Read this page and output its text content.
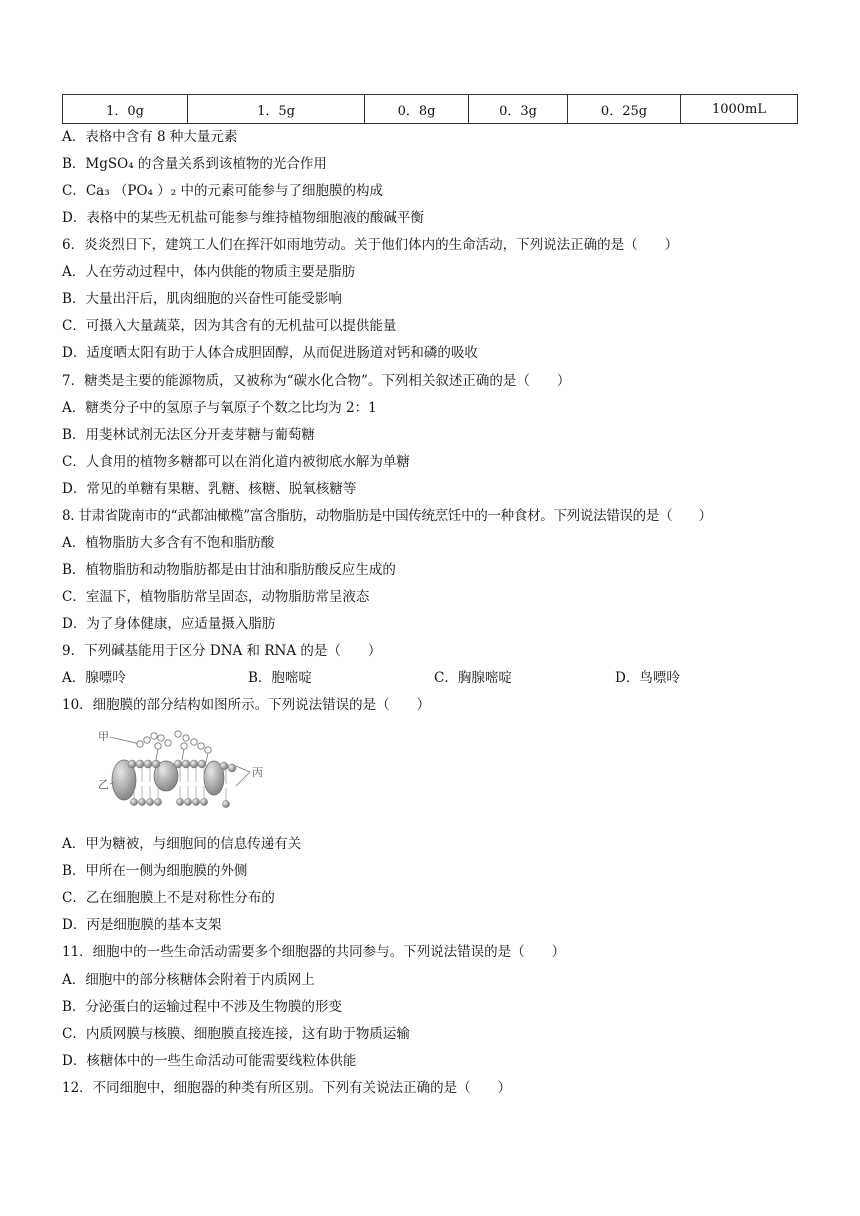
1．0g	1．5g	0．8g	0．3g	0．25g	1000mL
A．表格中含有 8 种大量元素
B．MgSO₄ 的含量关系到该植物的光合作用
C．Ca₃ （PO₄ ）₂ 中的元素可能参与了细胞膜的构成
D．表格中的某些无机盐可能参与维持植物细胞液的酸碱平衡
6．炎炎烈日下，建筑工人们在挥汗如雨地劳动。关于他们体内的生命活动，下列说法正确的是（　　）
A．人在劳动过程中，体内供能的物质主要是脂肪
B．大量出汗后，肌肉细胞的兴奋性可能受影响
C．可摄入大量蔬菜，因为其含有的无机盐可以提供能量
D．适度晒太阳有助于人体合成胆固醇，从而促进肠道对钙和磷的吸收
7．糖类是主要的能源物质，又被称为“碳水化合物”。下列相关叙述正确的是（　　）
A．糖类分子中的氢原子与氧原子个数之比均为 2：1
B．用斐林试剂无法区分开麦芽糖与葡萄糖
C．人食用的植物多糖都可以在消化道内被彻底水解为单糖
D．常见的单糖有果糖、乳糖、核糖、脱氧核糖等
8. 甘肃省陇南市的“武都油橄榄”富含脂肪，动物脂肪是中国传统烹饪中的一种食材。下列说法错误的是（　　）
A．植物脂肪大多含有不饱和脂肪酸
B．植物脂肪和动物脂肪都是由甘油和脂肪酸反应生成的
C．室温下，植物脂肪常呈固态，动物脂肪常呈液态
D．为了身体健康，应适量摄入脂肪
9．下列碱基能用于区分 DNA 和 RNA 的是（　　）
A．腺嘌呤	B．胞嘧啶	C．胸腺嘧啶	D．鸟嘌呤
10．细胞膜的部分结构如图所示。下列说法错误的是（　　）
甲
乙
丙
A．甲为糖被，与细胞间的信息传递有关
B．甲所在一侧为细胞膜的外侧
C．乙在细胞膜上不是对称性分布的
D．丙是细胞膜的基本支架
11．细胞中的一些生命活动需要多个细胞器的共同参与。下列说法错误的是（　　）
A．细胞中的部分核糖体会附着于内质网上
B．分泌蛋白的运输过程中不涉及生物膜的形变
C．内质网膜与核膜、细胞膜直接连接，这有助于物质运输
D．核糖体中的一些生命活动可能需要线粒体供能
12．不同细胞中，细胞器的种类有所区别。下列有关说法正确的是（　　）
